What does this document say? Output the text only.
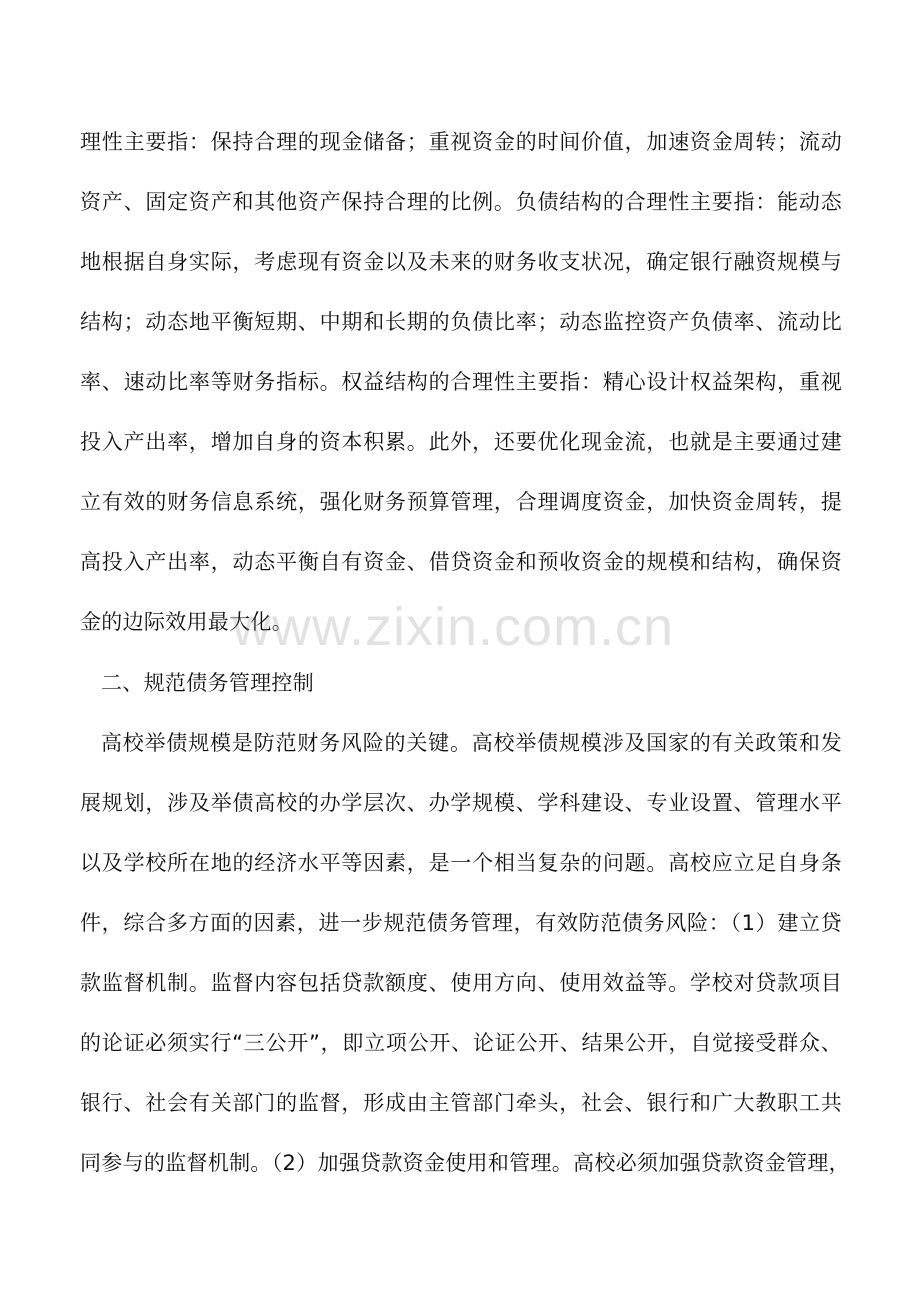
理性主要指：保持合理的现金储备；重视资金的时间价值，加速资金周转；流动
资产、固定资产和其他资产保持合理的比例。负债结构的合理性主要指：能动态
地根据自身实际，考虑现有资金以及未来的财务收支状况，确定银行融资规模与
结构；动态地平衡短期、中期和长期的负债比率；动态监控资产负债率、流动比
率、速动比率等财务指标。权益结构的合理性主要指：精心设计权益架构，重视
投入产出率，增加自身的资本积累。此外，还要优化现金流，也就是主要通过建
立有效的财务信息系统，强化财务预算管理，合理调度资金，加快资金周转，提
高投入产出率，动态平衡自有资金、借贷资金和预收资金的规模和结构，确保资
金的边际效用最大化。
二、规范债务管理控制
高校举债规模是防范财务风险的关键。高校举债规模涉及国家的有关政策和发
展规划，涉及举债高校的办学层次、办学规模、学科建设、专业设置、管理水平
以及学校所在地的经济水平等因素，是一个相当复杂的问题。高校应立足自身条
件，综合多方面的因素，进一步规范债务管理，有效防范债务风险：（1）建立贷
款监督机制。监督内容包括贷款额度、使用方向、使用效益等。学校对贷款项目
的论证必须实行“三公开”，即立项公开、论证公开、结果公开，自觉接受群众、
银行、社会有关部门的监督，形成由主管部门牵头，社会、银行和广大教职工共
同参与的监督机制。（2）加强贷款资金使用和管理。高校必须加强贷款资金管理，
www.zixin.com.cn
